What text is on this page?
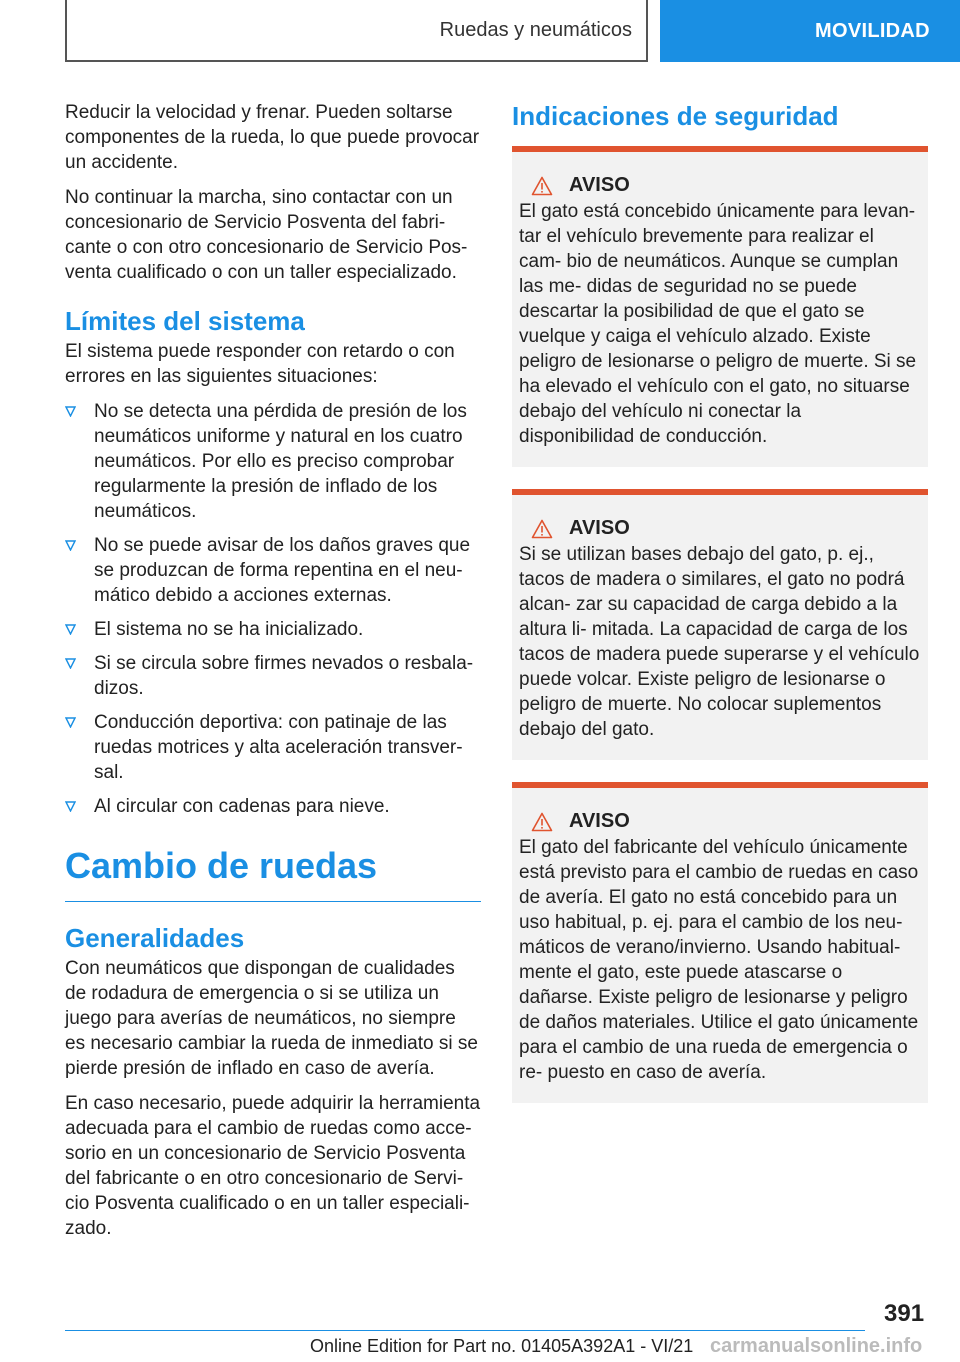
Ruedas y neumáticos	MOVILIDAD

Reducir la velocidad y frenar. Pueden soltarse componentes de la rueda, lo que puede provocar un accidente.

No continuar la marcha, sino contactar con un concesionario de Servicio Posventa del fabri‐ cante o con otro concesionario de Servicio Pos‐ venta cualificado o con un taller especializado.

Límites del sistema

El sistema puede responder con retardo o con errores en las siguientes situaciones:

No se detecta una pérdida de presión de los neumáticos uniforme y natural en los cuatro neumáticos. Por ello es preciso comprobar regularmente la presión de inflado de los neumáticos.
No se puede avisar de los daños graves que se produzcan de forma repentina en el neu‐ mático debido a acciones externas.
El sistema no se ha inicializado.
Si se circula sobre firmes nevados o resbala‐ dizos.
Conducción deportiva: con patinaje de las ruedas motrices y alta aceleración transver‐ sal.
Al circular con cadenas para nieve.
Cambio de ruedas
Generalidades

Con neumáticos que dispongan de cualidades de rodadura de emergencia o si se utiliza un juego para averías de neumáticos, no siempre es necesario cambiar la rueda de inmediato si se pierde presión de inflado en caso de avería.

En caso necesario, puede adquirir la herramienta adecuada para el cambio de ruedas como acce‐ sorio en un concesionario de Servicio Posventa del fabricante o en otro concesionario de Servi‐ cio Posventa cualificado o en un taller especiali‐ zado.

Indicaciones de seguridad
AVISO

El gato está concebido únicamente para levan‐ tar el vehículo brevemente para realizar el cam‐ bio de neumáticos. Aunque se cumplan las me‐ didas de seguridad no se puede descartar la posibilidad de que el gato se vuelque y caiga el vehículo alzado. Existe peligro de lesionarse o peligro de muerte. Si se ha elevado el vehículo con el gato, no situarse debajo del vehículo ni conectar la disponibilidad de conducción.

AVISO

Si se utilizan bases debajo del gato, p. ej., tacos de madera o similares, el gato no podrá alcan‐ zar su capacidad de carga debido a la altura li‐ mitada. La capacidad de carga de los tacos de madera puede superarse y el vehículo puede volcar. Existe peligro de lesionarse o peligro de muerte. No colocar suplementos debajo del gato.

AVISO

El gato del fabricante del vehículo únicamente está previsto para el cambio de ruedas en caso de avería. El gato no está concebido para un uso habitual, p. ej. para el cambio de los neu‐ máticos de verano/invierno. Usando habitual‐ mente el gato, este puede atascarse o dañarse. Existe peligro de lesionarse y peligro de daños materiales. Utilice el gato únicamente para el cambio de una rueda de emergencia o re‐ puesto en caso de avería.

391
Online Edition for Part no. 01405A392A1 - VI/21 carmanualsonline.info
